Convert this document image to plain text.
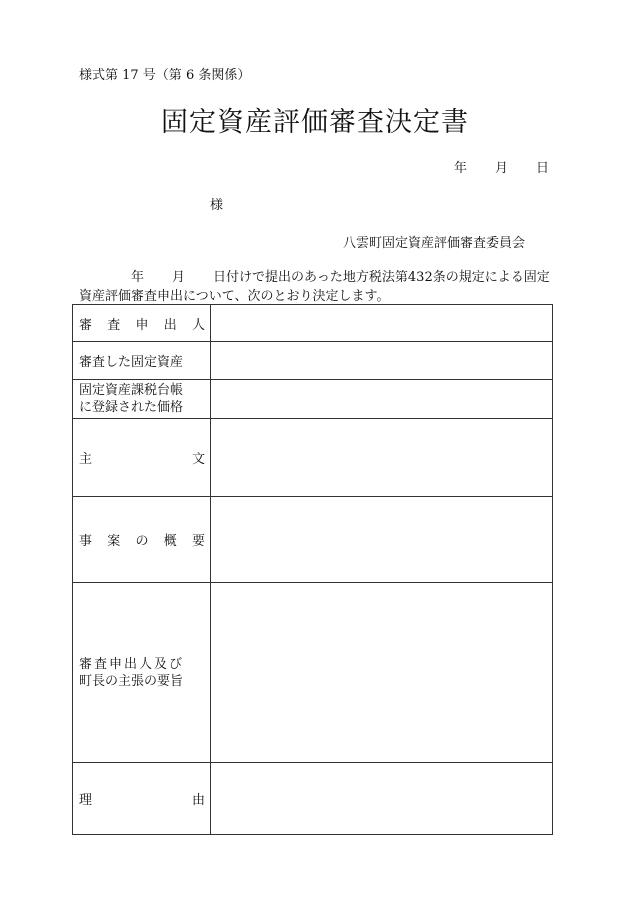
様式第 17 号（第 6 条関係）
固定資産評価審査決定書
年 月 日
様
八雲町固定資産評価審査委員会
年 月 日付けで提出のあった地方税法第432条の規定による固定
資産評価審査申出について、次のとおり決定します。
審 査 申 出 人	

審査した固定資産	

固定資産課税台帳
に登録された価格	

主 文	

事 案 の 概 要	

審査申出人及び
町長の主張の要旨	

理 由	
